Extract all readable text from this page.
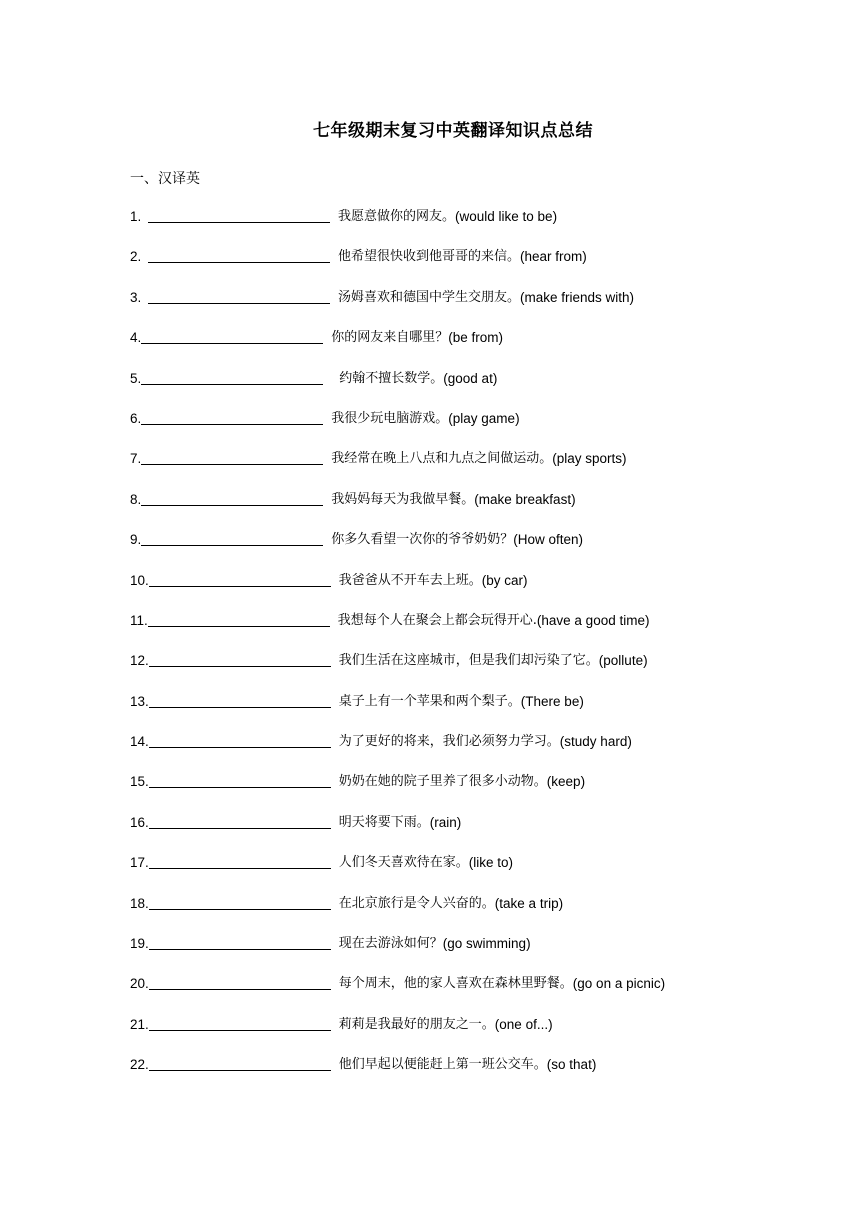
七年级期末复习中英翻译知识点总结
一、汉译英
1.	我愿意做你的网友。 (would like to be)
2.	他希望很快收到他哥哥的来信。 (hear from)
3.	汤姆喜欢和德国中学生交朋友。 (make friends with)
4.	你的网友来自哪里？ (be from)
5.	约翰不擅长数学。 (good at)
6.	我很少玩电脑游戏。 (play game)
7.	我经常在晚上八点和九点之间做运动。 (play sports)
8.	我妈妈每天为我做早餐。 (make breakfast)
9.	你多久看望一次你的爷爷奶奶？ (How often)
10.	我爸爸从不开车去上班。 (by car)
11.	我想每个人在聚会上都会玩得开心. (have a good time)
12.	我们生活在这座城市，但是我们却污染了它。 (pollute)
13.	桌子上有一个苹果和两个梨子。 (There be)
14.	为了更好的将来，我们必须努力学习。 (study hard)
15.	奶奶在她的院子里养了很多小动物。 (keep)
16.	明天将要下雨。 (rain)
17.	人们冬天喜欢待在家。 (like to)
18.	在北京旅行是令人兴奋的。 (take a trip)
19.	现在去游泳如何？ (go swimming)
20.	每个周末，他的家人喜欢在森林里野餐。 (go on a picnic)
21.	莉莉是我最好的朋友之一。 (one of...)
22.	他们早起以便能赶上第一班公交车。 (so that)
